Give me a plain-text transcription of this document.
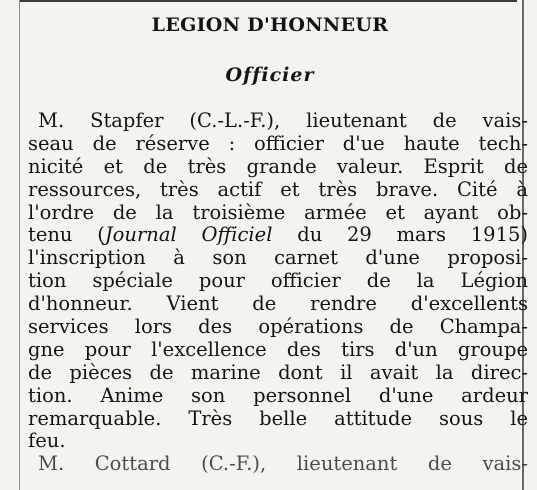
LEGION D'HONNEUR
Officier
M. Stapfer (C.-L.-F.), lieutenant de vais-
seau de réserve : officier d'ue haute tech-
nicité et de très grande valeur. Esprit de
ressources, très actif et très brave. Cité à
l'ordre de la troisième armée et ayant ob-
tenu (Journal Officiel du 29 mars 1915)
l'inscription à son carnet d'une proposi-
tion spéciale pour officier de la Légion
d'honneur. Vient de rendre d'excellents
services lors des opérations de Champa-
gne pour l'excellence des tirs d'un groupe
de pièces de marine dont il avait la direc-
tion. Anime son personnel d'une ardeur
remarquable. Très belle attitude sous le
feu.
M. Cottard (C.-F.), lieutenant de vais-
